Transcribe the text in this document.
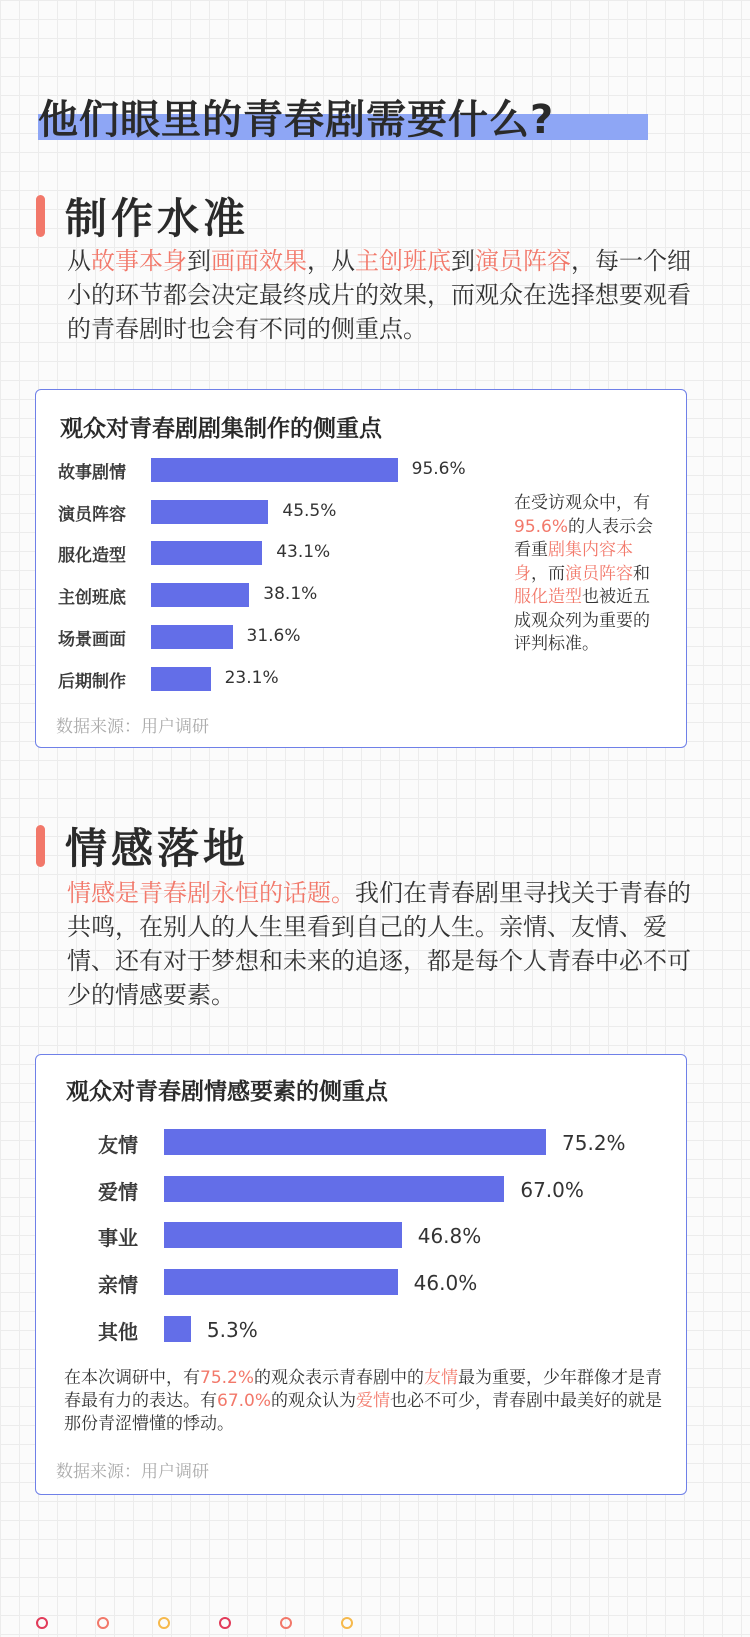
他们眼里的青春剧需要什么?
制作水准
从故事本身到画面效果，从主创班底到演员阵容，每一个细小的环节都会决定最终成片的效果，而观众在选择想要观看的青春剧时也会有不同的侧重点。
观众对青春剧剧集制作的侧重点
故事剧情	95.6%
演员阵容	45.5%
服化造型	43.1%
主创班底	38.1%
场景画面	31.6%
后期制作	23.1%
在受访观众中，有95.6%的人表示会看重剧集内容本身，而演员阵容和服化造型也被近五成观众列为重要的评判标准。
数据来源：用户调研
情感落地
情感是青春剧永恒的话题。我们在青春剧里寻找关于青春的共鸣，在别人的人生里看到自己的人生。亲情、友情、爱情、还有对于梦想和未来的追逐，都是每个人青春中必不可少的情感要素。
观众对青春剧情感要素的侧重点
友情	75.2%
爱情	67.0%
事业	46.8%
亲情	46.0%
其他	5.3%
在本次调研中，有75.2%的观众表示青春剧中的友情最为重要，少年群像才是青春最有力的表达。有67.0%的观众认为爱情也必不可少，青春剧中最美好的就是那份青涩懵懂的悸动。
数据来源：用户调研
